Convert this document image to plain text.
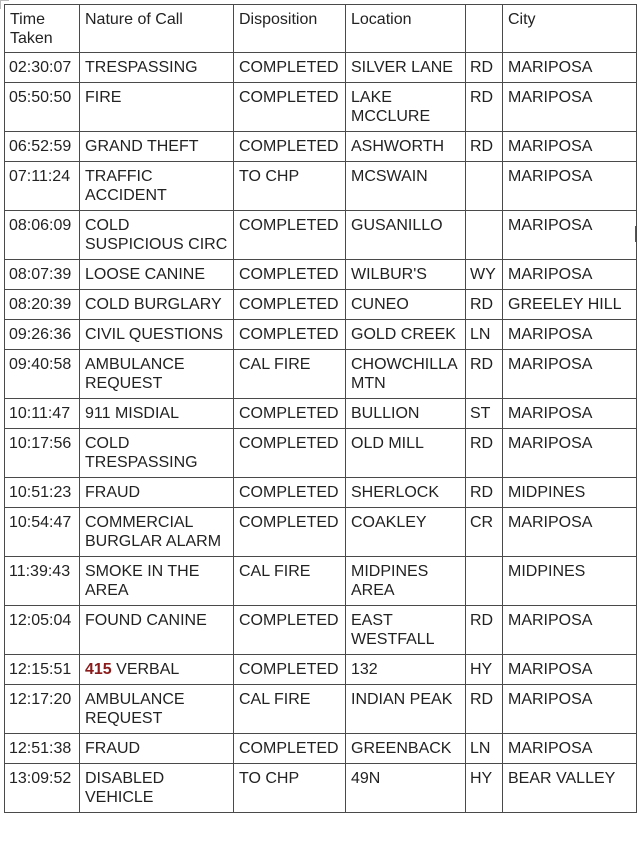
Time Taken	Nature of Call	Disposition	Location		City
02:30:07	TRESPASSING	COMPLETED	SILVER LANE	RD	MARIPOSA
05:50:50	FIRE	COMPLETED	LAKE MCCLURE	RD	MARIPOSA
06:52:59	GRAND THEFT	COMPLETED	ASHWORTH	RD	MARIPOSA
07:11:24	TRAFFIC ACCIDENT	TO CHP	MCSWAIN		MARIPOSA
08:06:09	COLD SUSPICIOUS CIRC	COMPLETED	GUSANILLO		MARIPOSA
08:07:39	LOOSE CANINE	COMPLETED	WILBUR'S	WY	MARIPOSA
08:20:39	COLD BURGLARY	COMPLETED	CUNEO	RD	GREELEY HILL
09:26:36	CIVIL QUESTIONS	COMPLETED	GOLD CREEK	LN	MARIPOSA
09:40:58	AMBULANCE REQUEST	CAL FIRE	CHOWCHILLA MTN	RD	MARIPOSA
10:11:47	911 MISDIAL	COMPLETED	BULLION	ST	MARIPOSA
10:17:56	COLD TRESPASSING	COMPLETED	OLD MILL	RD	MARIPOSA
10:51:23	FRAUD	COMPLETED	SHERLOCK	RD	MIDPINES
10:54:47	COMMERCIAL BURGLAR ALARM	COMPLETED	COAKLEY	CR	MARIPOSA
11:39:43	SMOKE IN THE AREA	CAL FIRE	MIDPINES AREA		MIDPINES
12:05:04	FOUND CANINE	COMPLETED	EAST WESTFALL	RD	MARIPOSA
12:15:51	415 VERBAL	COMPLETED	132	HY	MARIPOSA
12:17:20	AMBULANCE REQUEST	CAL FIRE	INDIAN PEAK	RD	MARIPOSA
12:51:38	FRAUD	COMPLETED	GREENBACK	LN	MARIPOSA
13:09:52	DISABLED VEHICLE	TO CHP	49N	HY	BEAR VALLEY
